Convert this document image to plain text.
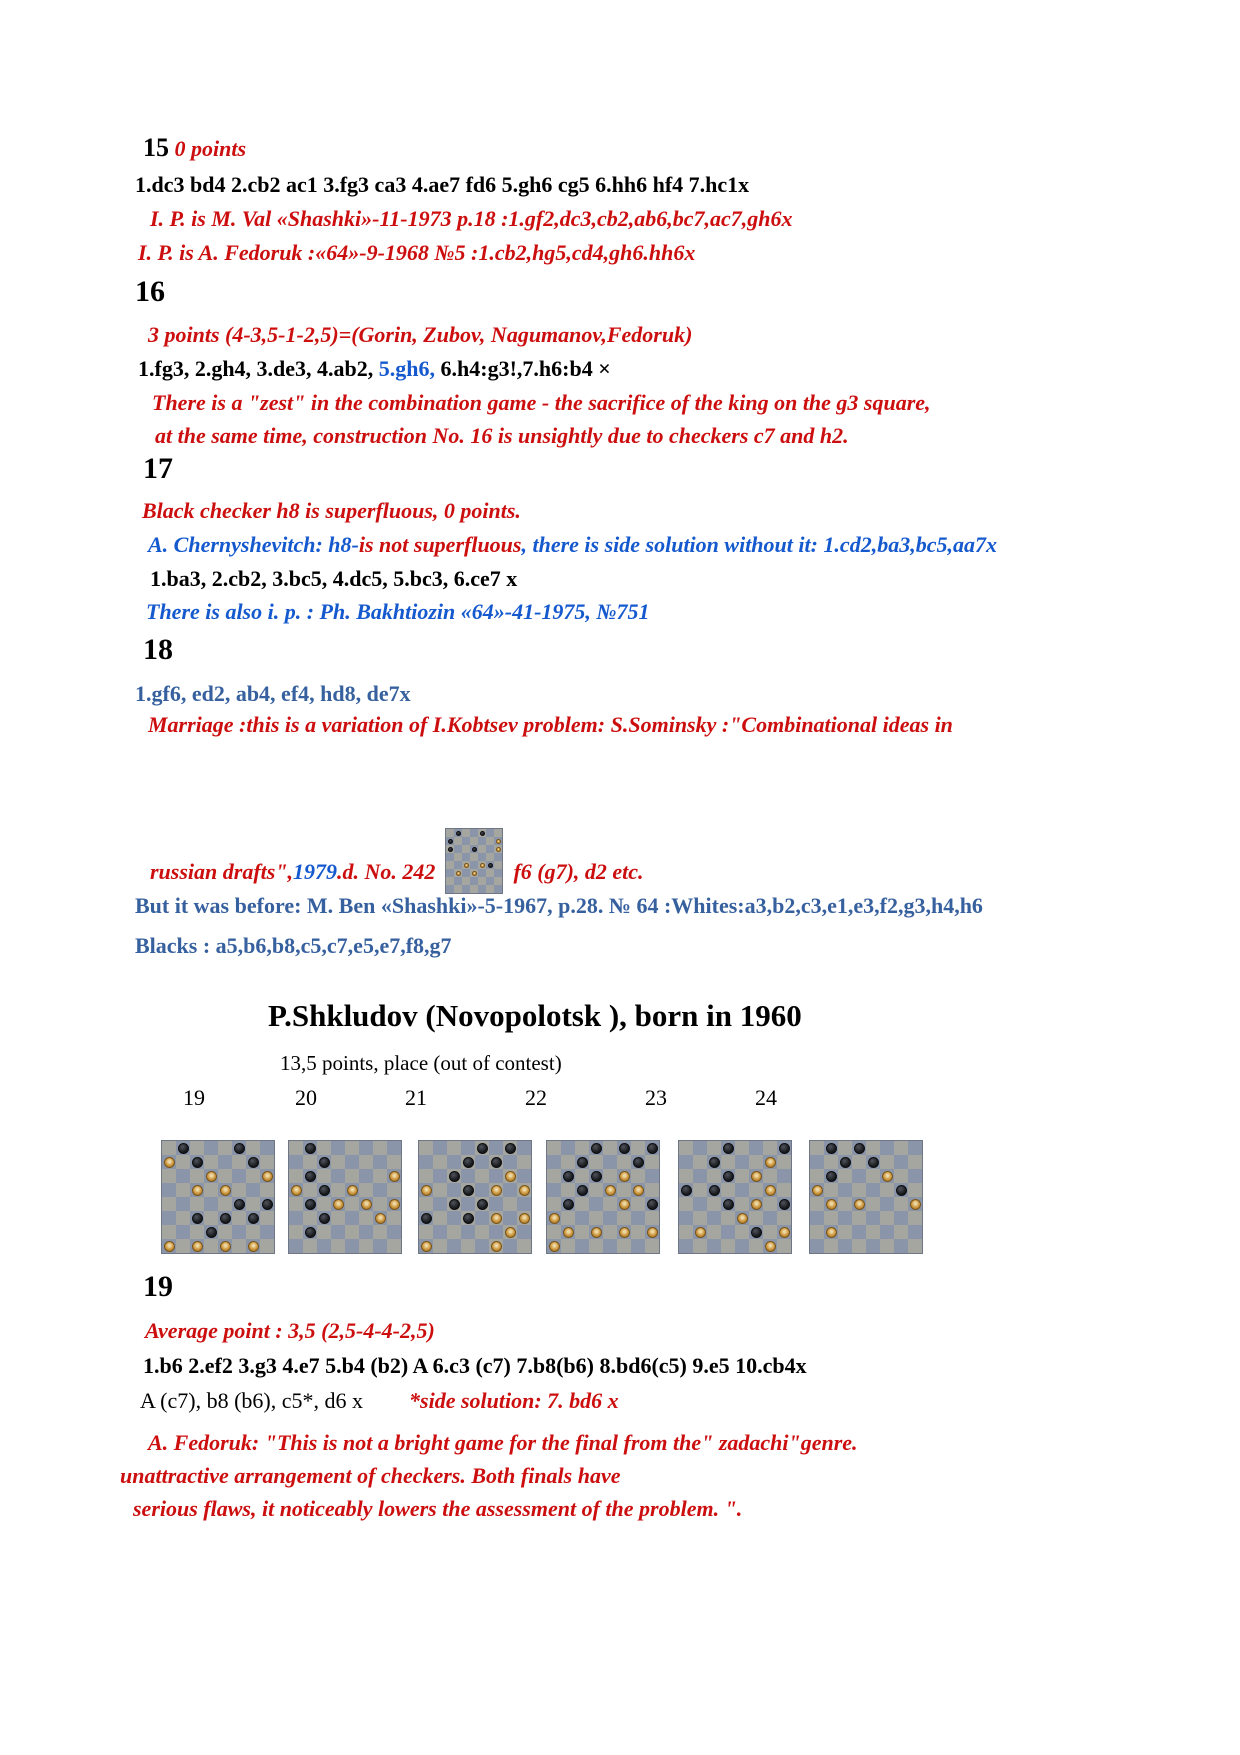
15 0 points
1.dc3 bd4 2.cb2 ac1 3.fg3 ca3 4.ae7 fd6 5.gh6 cg5 6.hh6 hf4 7.hc1x
I. P. is M. Val «Shashki»-11-1973 p.18 :1.gf2,dc3,cb2,ab6,bc7,ac7,gh6x
I. P. is A. Fedoruk :«64»-9-1968 №5 :1.cb2,hg5,cd4,gh6.hh6x
16
3 points (4-3,5-1-2,5)=(Gorin, Zubov, Nagumanov,Fedoruk)
1.fg3, 2.gh4, 3.de3, 4.ab2, 5.gh6, 6.h4:g3!,7.h6:b4 ×
There is a "zest" in the combination game - the sacrifice of the king on the g3 square,
at the same time, construction No. 16 is unsightly due to checkers c7 and h2.
17
Black checker h8 is superfluous, 0 points.
A. Chernyshevitch: h8-is not superfluous, there is side solution without it: 1.cd2,ba3,bc5,aa7x
1.ba3, 2.cb2, 3.bc5, 4.dc5, 5.bc3, 6.ce7 x
There is also i. p. : Ph. Bakhtiozin «64»-41-1975, №751
18
1.gf6, ed2, ab4, ef4, hd8, de7x
Marriage :this is a variation of I.Kobtsev problem: S.Sominsky :"Combinational ideas in
russian drafts", 1979 .d. No. 242	f6 (g7), d2 etc.
But it was before: M. Ben «Shashki»-5-1967, p.28. № 64 :Whites:a3,b2,c3,e1,e3,f2,g3,h4,h6
Blacks : a5,b6,b8,c5,c7,e5,e7,f8,g7
P.Shkludov (Novopolotsk ), born in 1960
13,5 points, place (out of contest)
19	20	21	22	23	24
19
Average point : 3,5 (2,5-4-4-2,5)
1.b6 2.ef2 3.g3 4.e7 5.b4 (b2) A 6.c3 (c7) 7.b8(b6) 8.bd6(c5) 9.e5 10.cb4x
A (c7), b8 (b6), c5*, d6 x *side solution: 7. bd6 x
A. Fedoruk: "This is not a bright game for the final from the" zadachi"genre.
unattractive arrangement of checkers. Both finals have
serious flaws, it noticeably lowers the assessment of the problem. ".
